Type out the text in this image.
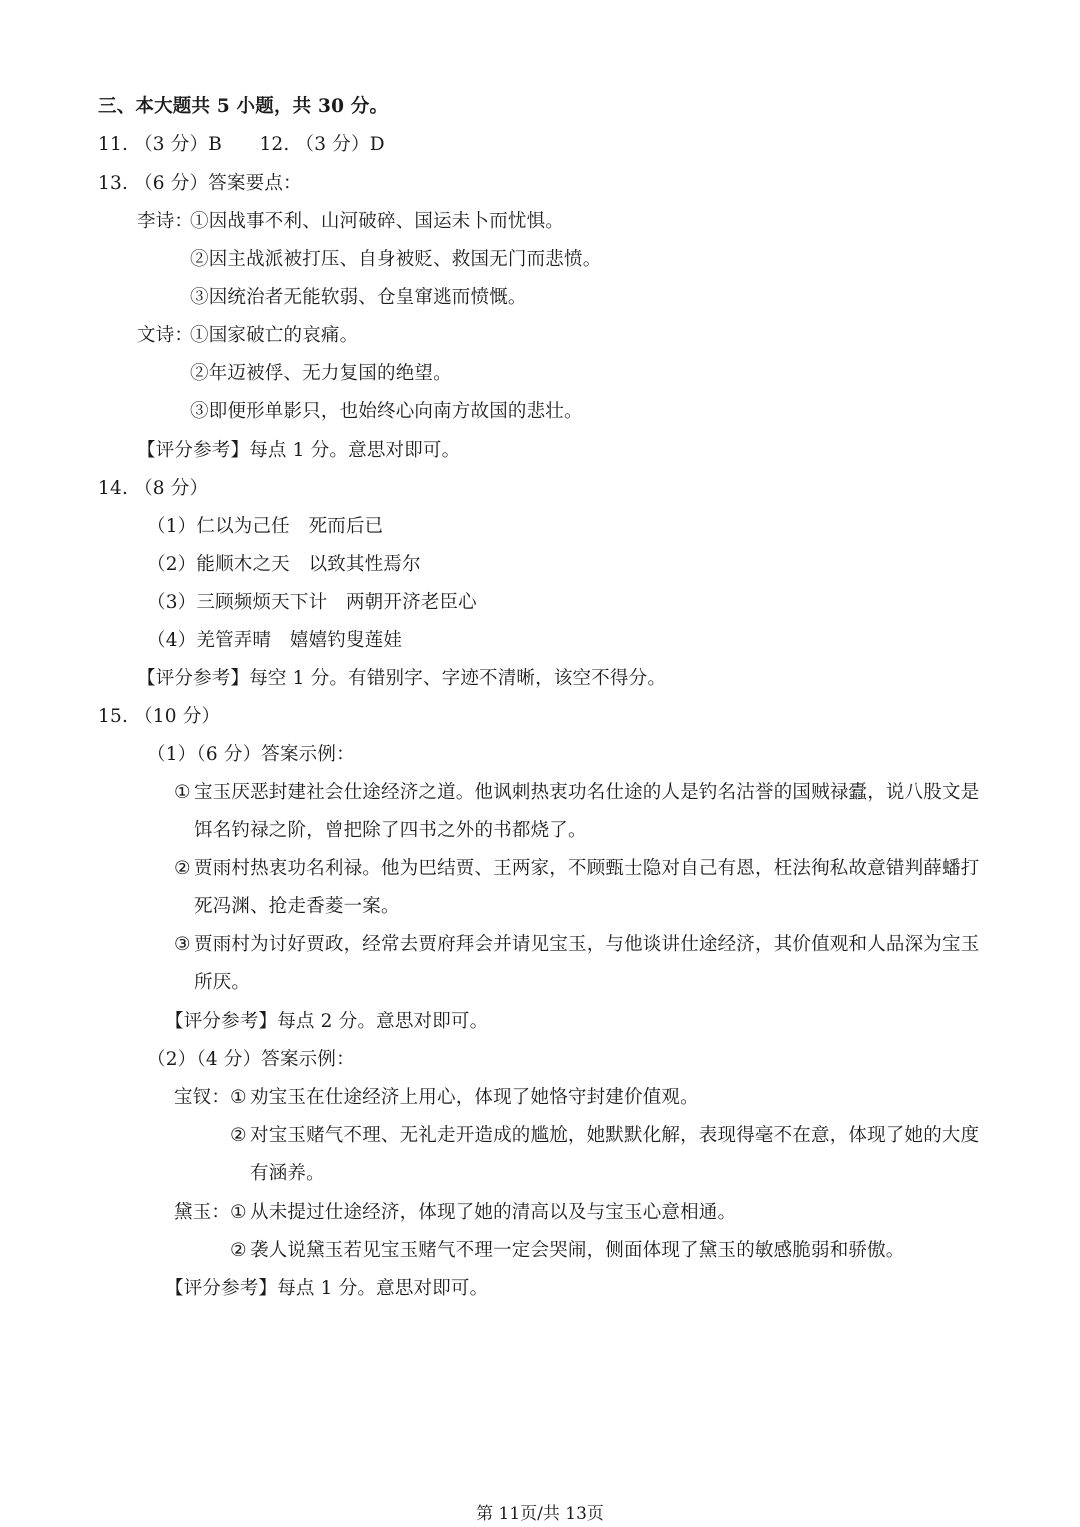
三、本大题共 5 小题，共 30 分。
11. （3 分）B　　12. （3 分）D
13. （6 分）答案要点：
李诗：
①因战事不利、山河破碎、国运未卜而忧惧。
②因主战派被打压、自身被贬、救国无门而悲愤。
③因统治者无能软弱、仓皇窜逃而愤慨。
文诗：
①国家破亡的哀痛。
②年迈被俘、无力复国的绝望。
③即便形单影只，也始终心向南方故国的悲壮。
【评分参考】每点 1 分。意思对即可。
14. （8 分）
（1）仁以为己任　死而后已
（2）能顺木之天　以致其性焉尔
（3）三顾频烦天下计　两朝开济老臣心
（4）羌管弄晴　嬉嬉钓叟莲娃
【评分参考】每空 1 分。有错别字、字迹不清晰，该空不得分。
15. （10 分）
（1）（6 分）答案示例：
① 宝玉厌恶封建社会仕途经济之道。他讽刺热衷功名仕途的人是钓名沽誉的国贼禄蠹，说八股文是饵名钓禄之阶，曾把除了四书之外的书都烧了。
② 贾雨村热衷功名利禄。他为巴结贾、王两家，不顾甄士隐对自己有恩，枉法徇私故意错判薛蟠打死冯渊、抢走香菱一案。
③ 贾雨村为讨好贾政，经常去贾府拜会并请见宝玉，与他谈讲仕途经济，其价值观和人品深为宝玉所厌。
【评分参考】每点 2 分。意思对即可。
（2）（4 分）答案示例：
宝钗： ① 劝宝玉在仕途经济上用心，体现了她恪守封建价值观。
② 对宝玉赌气不理、无礼走开造成的尴尬，她默默化解，表现得毫不在意，体现了她的大度有涵养。
黛玉： ① 从未提过仕途经济，体现了她的清高以及与宝玉心意相通。
② 袭人说黛玉若见宝玉赌气不理一定会哭闹，侧面体现了黛玉的敏感脆弱和骄傲。
【评分参考】每点 1 分。意思对即可。
第 11页/共 13页
